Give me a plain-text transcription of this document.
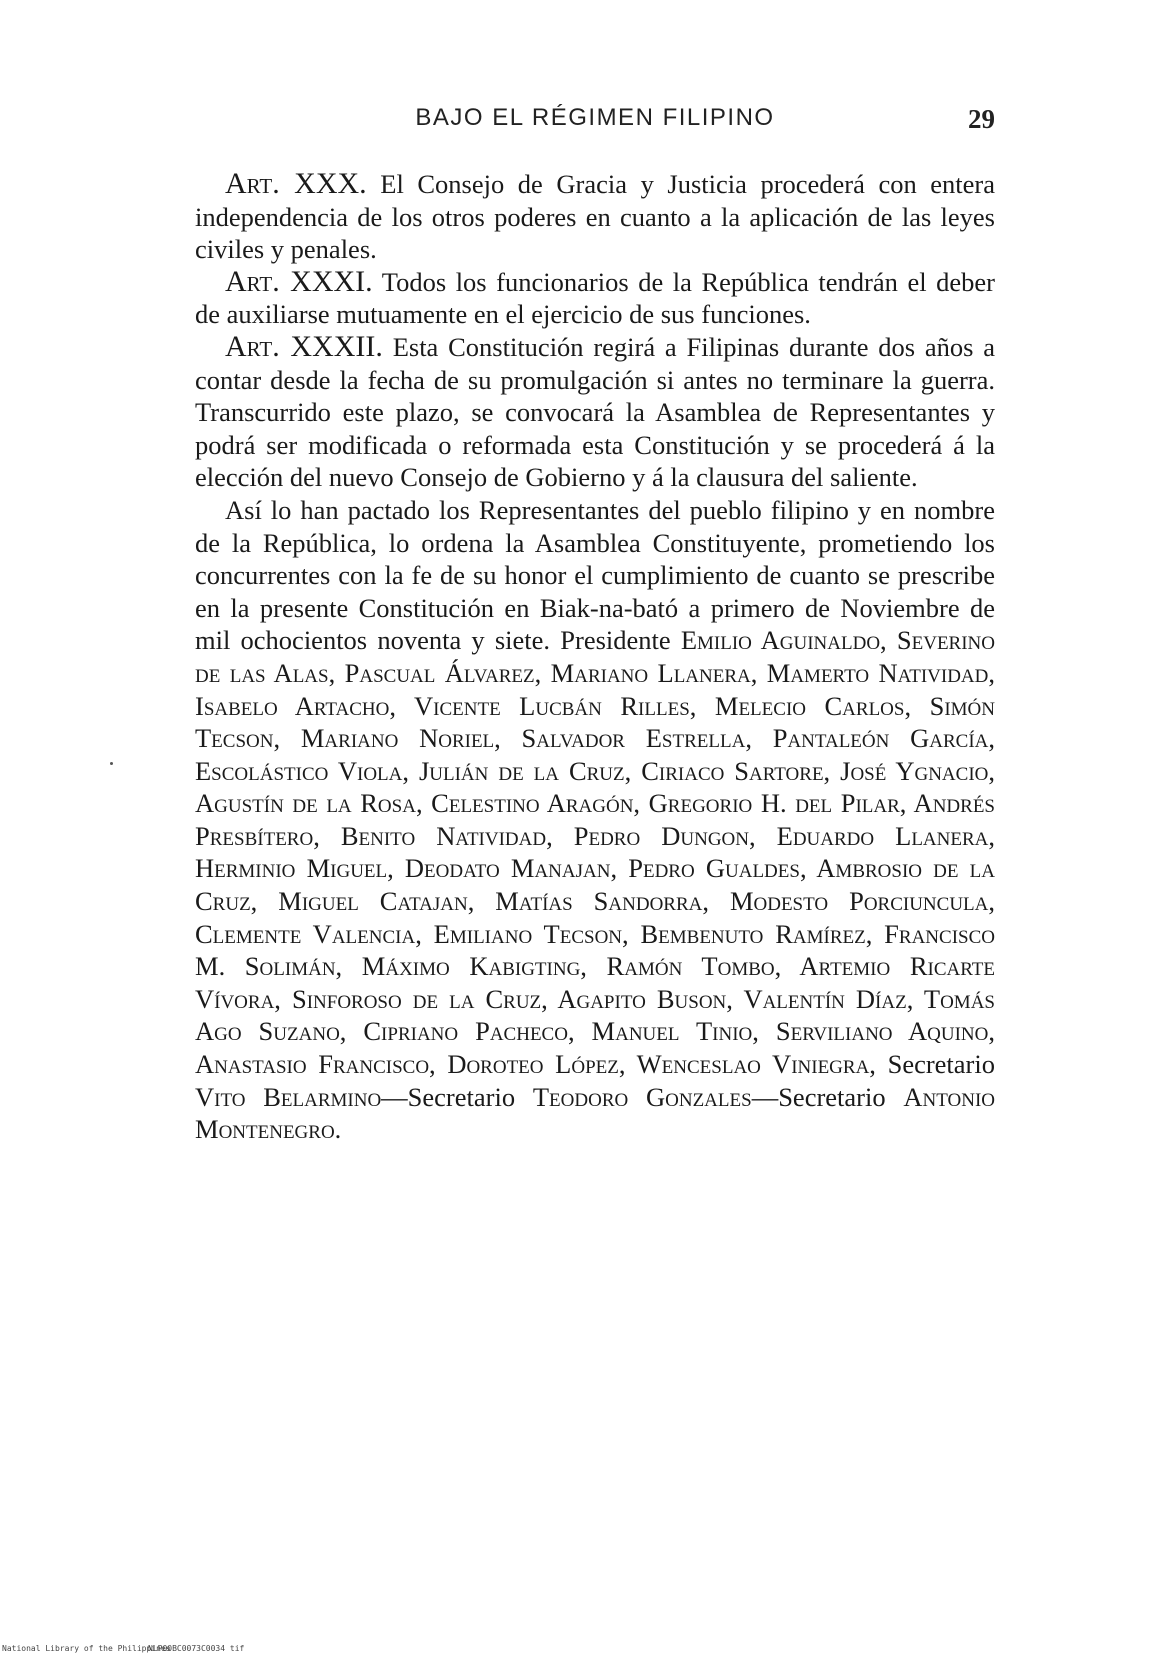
BAJO EL RÉGIMEN FILIPINO	29

Art. XXX. El Consejo de Gracia y Justicia procederá con entera independencia de los otros poderes en cuanto a la aplicación de las leyes civiles y penales.

Art. XXXI. Todos los funcionarios de la República tendrán el deber de auxiliarse mutuamente en el ejercicio de sus funciones.

Art. XXXII. Esta Constitución regirá a Filipinas durante dos años a contar desde la fecha de su promulgación si antes no terminare la guerra. Transcurrido este plazo, se convocará la Asamblea de Representantes y podrá ser modificada o reformada esta Constitución y se procederá á la elección del nuevo Consejo de Gobierno y á la clausura del saliente.

Así lo han pactado los Representantes del pueblo filipino y en nombre de la República, lo ordena la Asamblea Constituyente, prometiendo los concurrentes con la fe de su honor el cumplimiento de cuanto se prescribe en la presente Constitución en Biak-na-bató a primero de Noviembre de mil ochocientos noventa y siete. Presidente Emilio Aguinaldo, Severino de las Alas, Pascual Álvarez, Mariano Llanera, Mamerto Natividad, Isabelo Artacho, Vicente Lucbán Rilles, Melecio Carlos, Simón Tecson, Mariano Noriel, Salvador Estrella, Pantaleón García, Escolástico Viola, Julián de la Cruz, Ciriaco Sartore, José Ygnacio, Agustín de la Rosa, Celestino Aragón, Gregorio H. del Pilar, Andrés Presbítero, Benito Natividad, Pedro Dungon, Eduardo Llanera, Herminio Miguel, Deodato Manajan, Pedro Gualdes, Ambrosio de la Cruz, Miguel Catajan, Matías Sandorra, Modesto Porciuncula, Clemente Valencia, Emiliano Tecson, Bembenuto Ramírez, Francisco M. Solimán, Máximo Kabigting, Ramón Tombo, Artemio Ricarte Vívora, Sinforoso de la Cruz, Agapito Buson, Valentín Díaz, Tomás Ago Suzano, Cipriano Pacheco, Manuel Tinio, Serviliano Aquino, Anastasio Francisco, Doroteo López, Wenceslao Viniegra, Secretario Vito Belarmino—Secretario Teodoro Gonzales—Secretario Antonio Montenegro.

National Library of the Philippines
NLP00BC0073C0034 tif
